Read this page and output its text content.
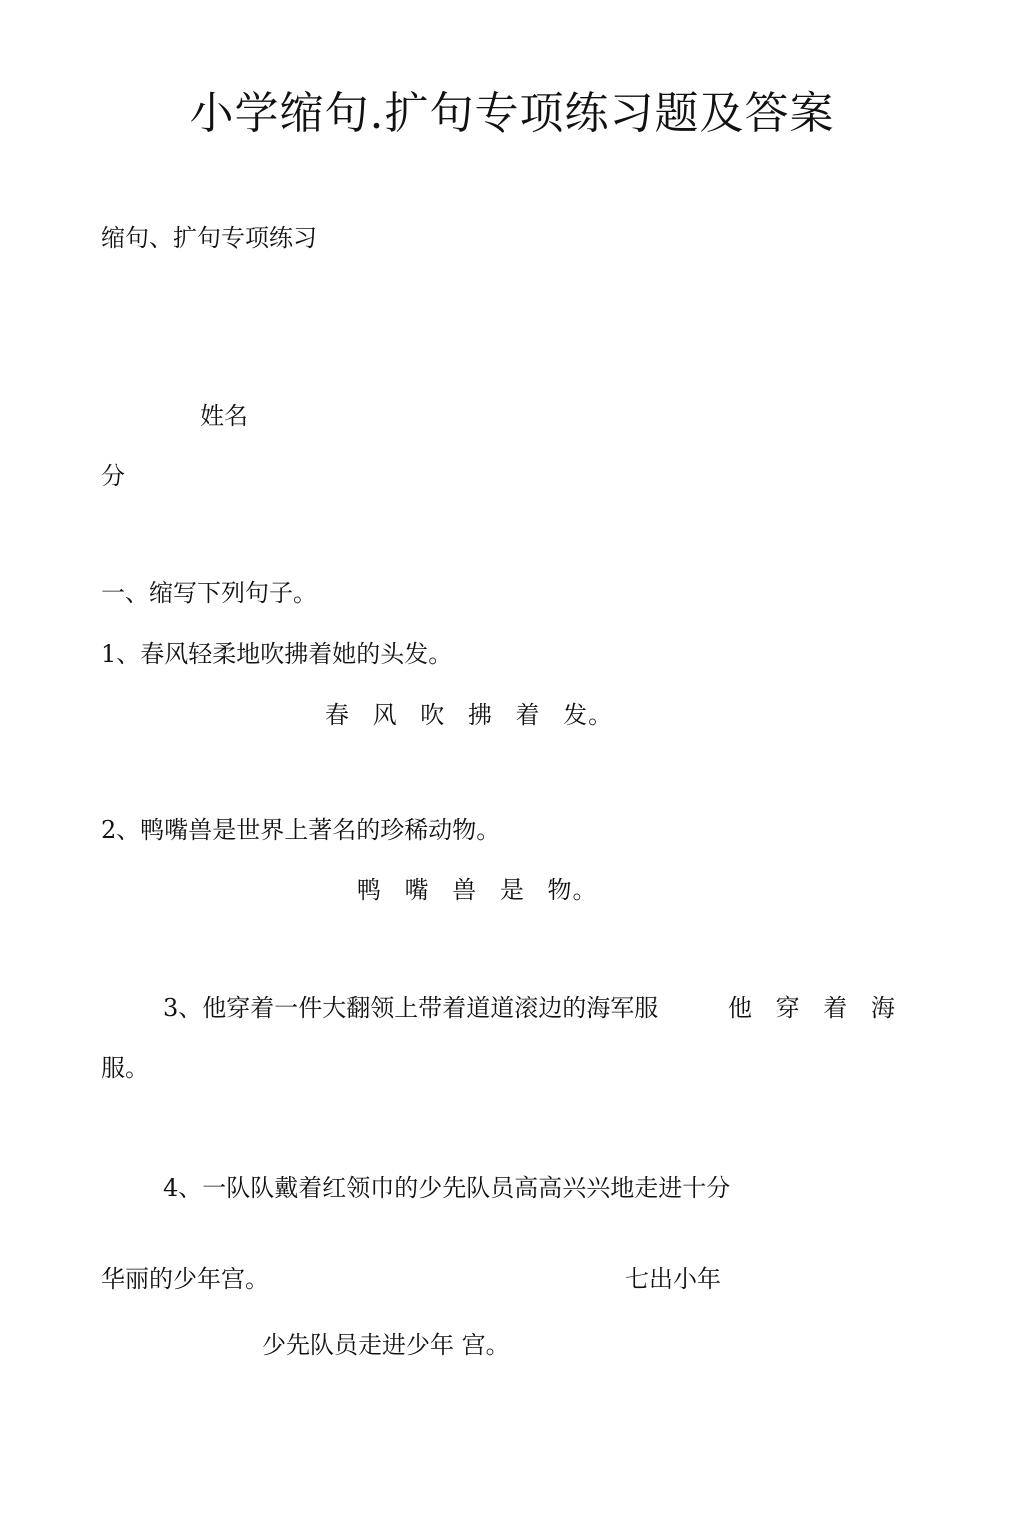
小学缩句.扩句专项练习题及答案
缩句、扩句专项练习
姓名
分
一、缩写下列句子。
1、春风轻柔地吹拂着她的头发。
春 风 吹 拂 着 发。
2、鸭嘴兽是世界上著名的珍稀动物。
鸭 嘴 兽 是 物。
3、他穿着一件大翻领上带着道道滚边的海军服	他 穿 着 海
服。
4、一队队戴着红领巾的少先队员高高兴兴地走进十分
华丽的少年宫。	七出小年
少先队员走进少年 宫。
